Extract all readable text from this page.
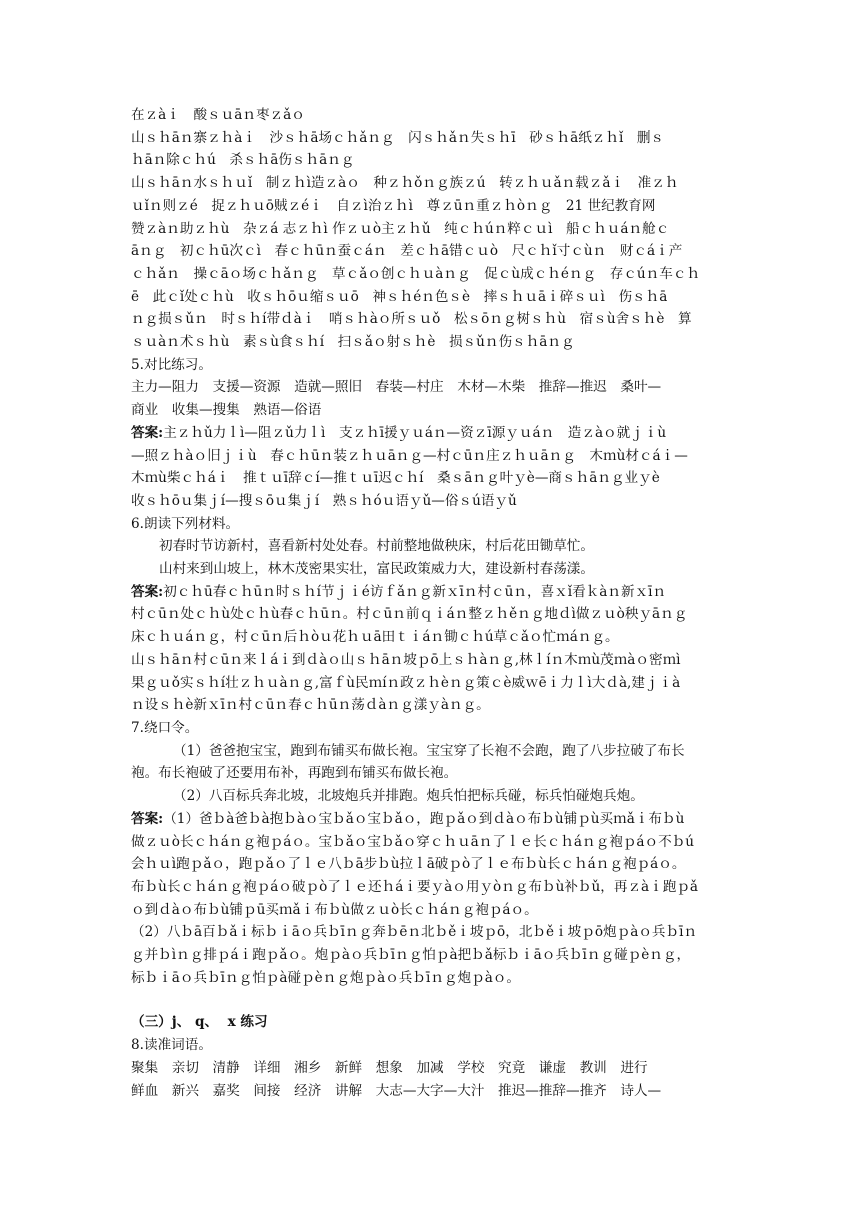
在ｚàｉ　酸ｓｕāｎ枣ｚǎｏ

山ｓｈāｎ寨ｚｈàｉ　沙ｓｈā场ｃｈǎｎｇ　闪ｓｈǎｎ失ｓｈī　砂ｓｈā纸ｚｈǐ　删ｓ

ｈāｎ除ｃｈú　杀ｓｈā伤ｓｈāｎｇ

山ｓｈāｎ水ｓｈｕǐ　制ｚｈì造ｚàｏ　种ｚｈǒｎｇ族ｚú　转ｚｈｕǎｎ载ｚǎｉ　准ｚｈ

ｕǐｎ则ｚé　捉ｚｈｕō贼ｚéｉ　自ｚì治ｚｈì　尊ｚūｎ重ｚｈòｎｇ　21 世纪教育网

赞ｚàｎ助ｚｈù　杂ｚá 志ｚｈì 作ｚｕò主ｚｈǔ　纯ｃｈúｎ粹ｃｕì　船ｃｈｕáｎ舱ｃ

āｎｇ　初ｃｈū次ｃì　春ｃｈūｎ蚕ｃáｎ　差ｃｈā错ｃｕò　尺ｃｈǐ寸ｃùｎ　财ｃáｉ产

ｃｈǎｎ　操ｃāｏ场ｃｈǎｎｇ　草ｃǎｏ创ｃｈｕàｎｇ　促ｃù成ｃｈéｎｇ　存ｃúｎ车ｃｈ

ē　此ｃǐ处ｃｈù　收ｓｈōｕ缩ｓｕō　神ｓｈéｎ色ｓè　摔ｓｈｕāｉ碎ｓｕì　伤ｓｈā

ｎｇ损ｓǔｎ　时ｓｈí带ｄàｉ　哨ｓｈàｏ所ｓｕǒ　松ｓōｎｇ树ｓｈù　宿ｓù舍ｓｈè　算

ｓｕàｎ术ｓｈù　素ｓù食ｓｈí　扫ｓǎｏ射ｓｈè　损ｓǔｎ伤ｓｈāｎｇ

5.对比练习。

主力—阻力　支援—资源　造就—照旧　春装—村庄　木材—木柴　推辞—推迟　桑叶—

商业　收集—搜集　熟语—俗语

答案:主ｚｈǔ力ｌì—阻ｚǔ力ｌì　支ｚｈī援ｙｕáｎ—资ｚī源ｙｕáｎ　造ｚàｏ就ｊｉù

—照ｚｈàｏ旧ｊｉù　春ｃｈūｎ装ｚｈｕāｎｇ—村ｃūｎ庄ｚｈｕāｎｇ　木ｍù材ｃáｉ—

木ｍù柴ｃｈáｉ　推ｔｕī辞ｃí—推ｔｕī迟ｃｈí　桑ｓāｎｇ叶ｙè—商ｓｈāｎｇ业ｙè

收ｓｈōｕ集ｊí—搜ｓōｕ集ｊí　熟ｓｈóｕ语ｙǔ—俗ｓú语ｙǔ

6.朗读下列材料。

初春时节访新村，喜看新村处处春。村前整地做秧床，村后花田锄草忙。

山村来到山坡上，林木茂密果实壮，富民政策威力大，建设新村春荡漾。

答案:初ｃｈū春ｃｈūｎ时ｓｈí节ｊｉé访ｆǎｎｇ新ｘīｎ村ｃūｎ，喜ｘǐ看ｋàｎ新ｘīｎ

村ｃūｎ处ｃｈù处ｃｈù春ｃｈūｎ。村ｃūｎ前ｑｉáｎ整ｚｈěｎｇ地ｄì做ｚｕò秧ｙāｎｇ

床ｃｈｕáｎｇ，村ｃūｎ后ｈòｕ花ｈｕā田ｔｉáｎ锄ｃｈú草ｃǎｏ忙ｍáｎｇ。

山ｓｈāｎ村ｃūｎ来ｌáｉ到ｄàｏ山ｓｈāｎ坡ｐō上ｓｈàｎｇ,林ｌíｎ木ｍù茂ｍàｏ密ｍì

果ｇｕǒ实ｓｈí壮ｚｈｕàｎｇ,富ｆù民ｍíｎ政ｚｈèｎｇ策ｃè威ｗēｉ力ｌì大ｄà,建ｊｉà

ｎ设ｓｈè新ｘīｎ村ｃūｎ春ｃｈūｎ荡ｄàｎｇ漾ｙàｎｇ。

7.绕口令。

（1）爸爸抱宝宝，跑到布铺买布做长袍。宝宝穿了长袍不会跑，跑了八步拉破了布长

袍。布长袍破了还要用布补，再跑到布铺买布做长袍。

（2）八百标兵奔北坡，北坡炮兵并排跑。炮兵怕把标兵碰，标兵怕碰炮兵炮。

答案:（1）爸ｂà爸ｂà抱ｂàｏ宝ｂǎｏ宝ｂǎｏ，跑ｐǎｏ到ｄàｏ布ｂù铺ｐù买ｍǎｉ布ｂù

做ｚｕò长ｃｈáｎｇ袍ｐáｏ。宝ｂǎｏ宝ｂǎｏ穿ｃｈｕāｎ了ｌｅ长ｃｈáｎｇ袍ｐáｏ不ｂú

会ｈｕì跑ｐǎｏ，跑ｐǎｏ了ｌｅ八ｂā步ｂù拉ｌā破ｐò了ｌｅ布ｂù长ｃｈáｎｇ袍ｐáｏ。

布ｂù长ｃｈáｎｇ袍ｐáｏ破ｐò了ｌｅ还ｈáｉ要ｙàｏ用ｙòｎｇ布ｂù补ｂǔ，再ｚàｉ跑ｐǎ

ｏ到ｄàｏ布ｂù铺ｐū买ｍǎｉ布ｂù做ｚｕò长ｃｈáｎｇ袍ｐáｏ。

（2）八ｂā百ｂǎｉ标ｂｉāｏ兵ｂīｎｇ奔ｂēｎ北ｂěｉ坡ｐō，北ｂěｉ坡ｐō炮ｐàｏ兵ｂīｎ

ｇ并ｂìｎｇ排ｐáｉ跑ｐǎｏ。炮ｐàｏ兵ｂīｎｇ怕ｐà把ｂǎ标ｂｉāｏ兵ｂīｎｇ碰ｐèｎｇ，

标ｂｉāｏ兵ｂīｎｇ怕ｐà碰ｐèｎｇ炮ｐàｏ兵ｂīｎｇ炮ｐàｏ。

（三）j、 q、  x 练习

8.读准词语。

聚集　亲切　清静　详细　湘乡　新鲜　想象　加减　学校　究竟　谦虚　教训　进行

鲜血　新兴　嘉奖　间接　经济　讲解　大志—大字—大汁　推迟—推辞—推齐　诗人—
